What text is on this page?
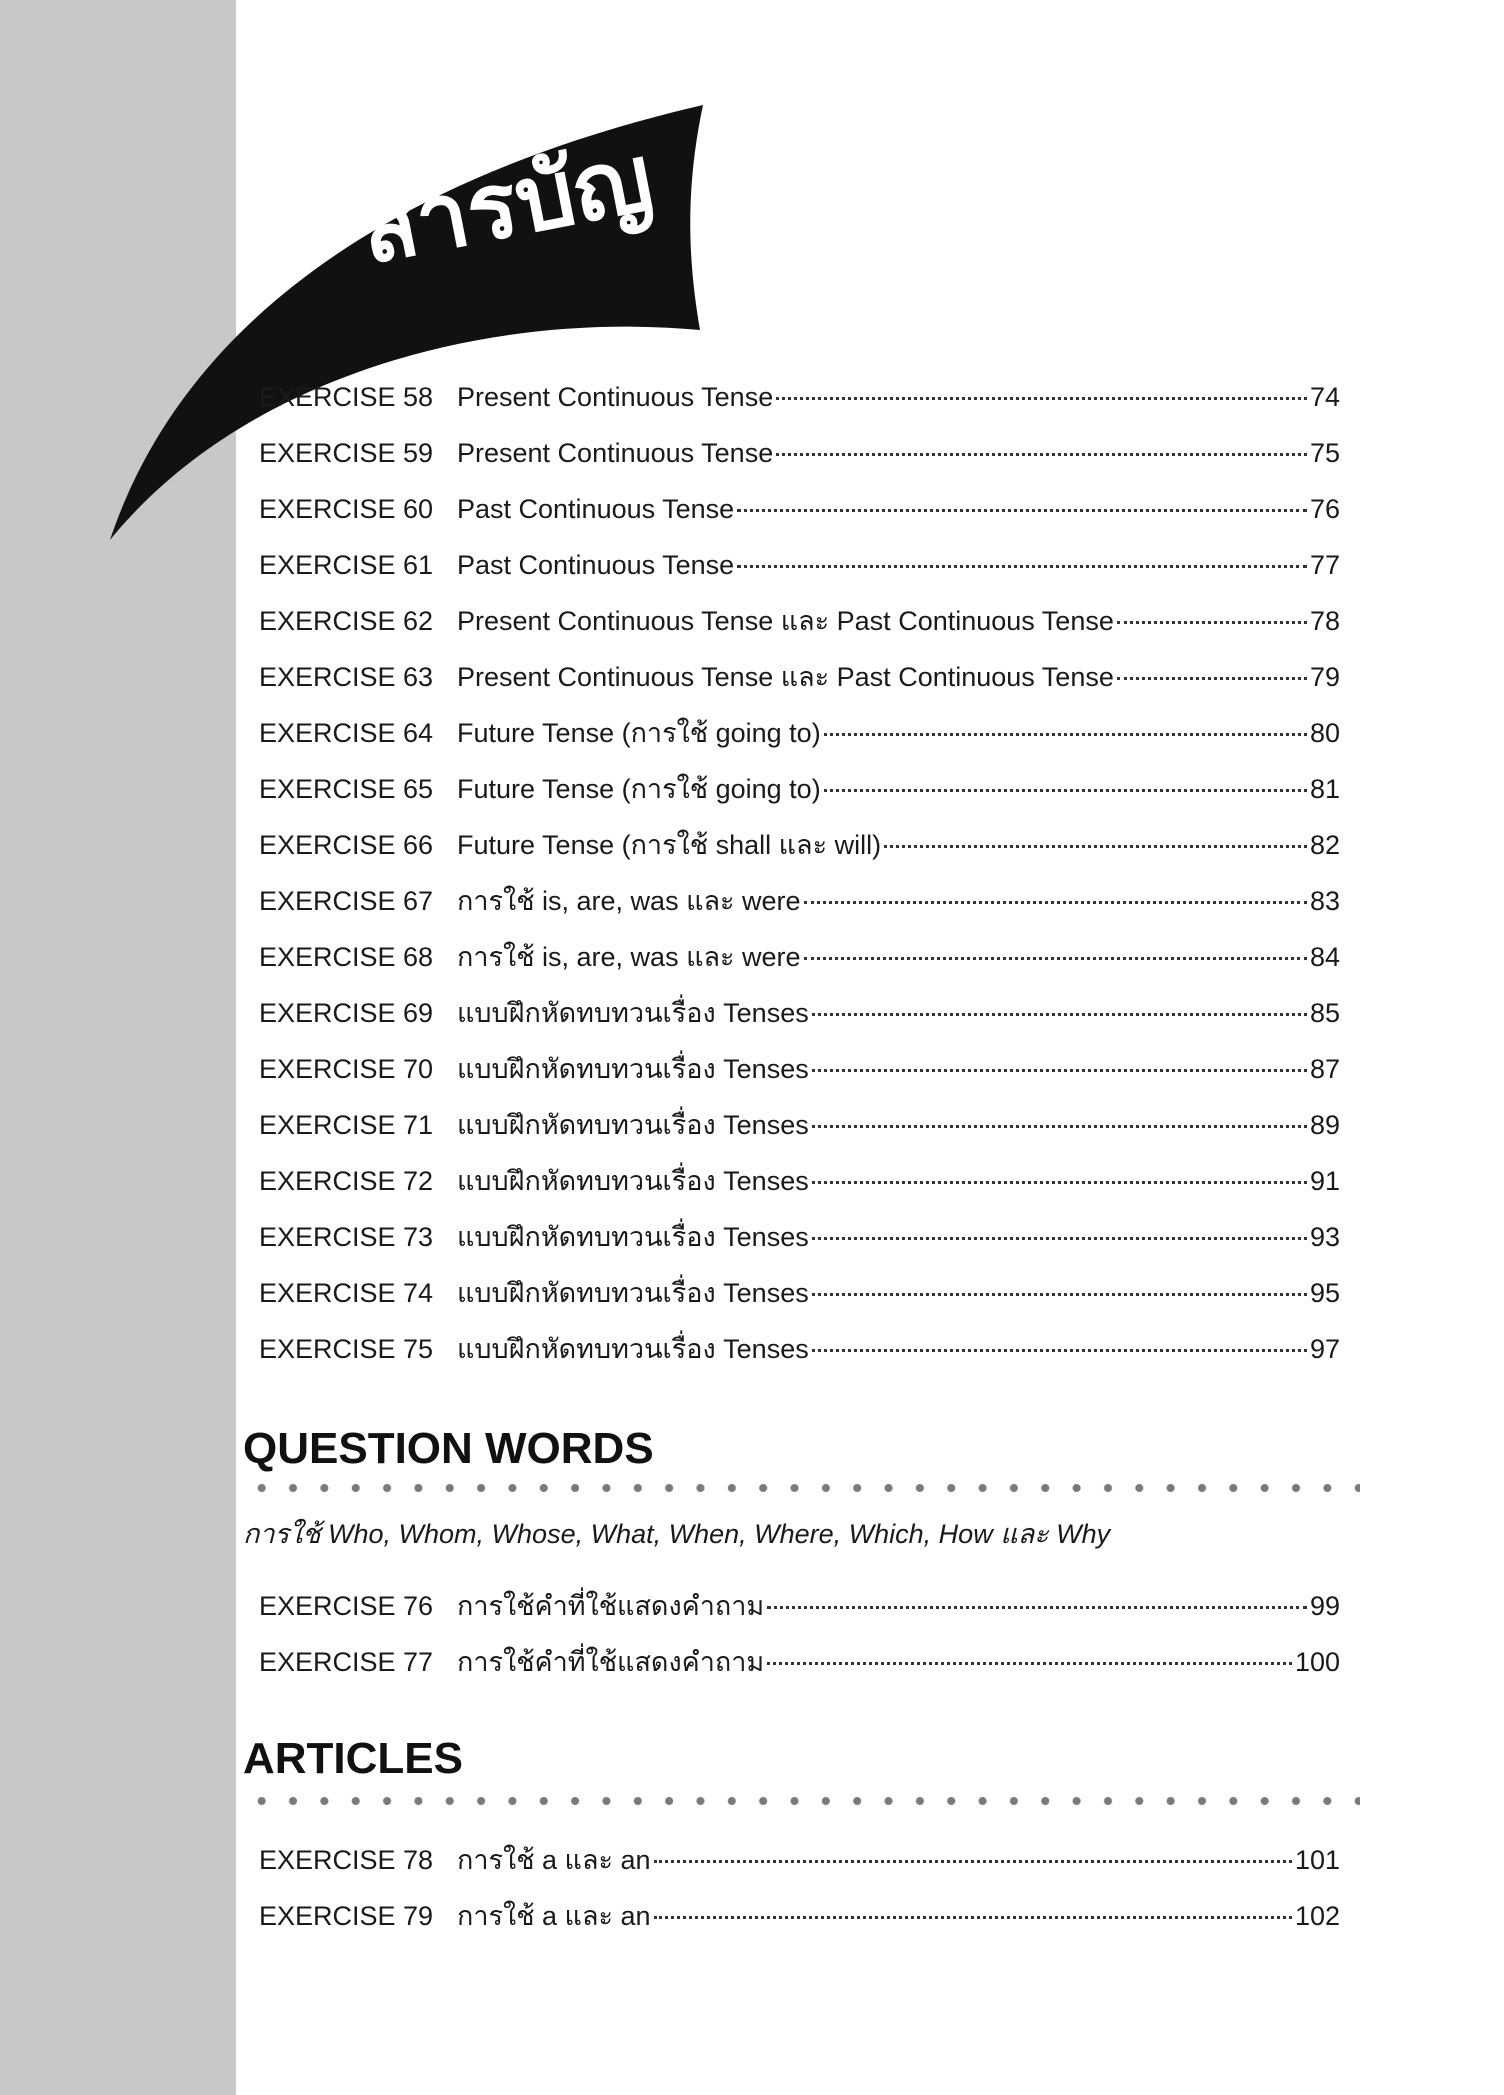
สารบัญ
EXERCISE 58 Present Continuous Tense	74
EXERCISE 59 Present Continuous Tense	75
EXERCISE 60 Past Continuous Tense	76
EXERCISE 61 Past Continuous Tense	77
EXERCISE 62 Present Continuous Tense และ Past Continuous Tense	78
EXERCISE 63 Present Continuous Tense และ Past Continuous Tense	79
EXERCISE 64 Future Tense (การใช้ going to)	80
EXERCISE 65 Future Tense (การใช้ going to)	81
EXERCISE 66 Future Tense (การใช้ shall และ will)	82
EXERCISE 67 การใช้ is, are, was และ were	83
EXERCISE 68 การใช้ is, are, was และ were	84
EXERCISE 69 แบบฝึกหัดทบทวนเรื่อง Tenses	85
EXERCISE 70 แบบฝึกหัดทบทวนเรื่อง Tenses	87
EXERCISE 71 แบบฝึกหัดทบทวนเรื่อง Tenses	89
EXERCISE 72 แบบฝึกหัดทบทวนเรื่อง Tenses	91
EXERCISE 73 แบบฝึกหัดทบทวนเรื่อง Tenses	93
EXERCISE 74 แบบฝึกหัดทบทวนเรื่อง Tenses	95
EXERCISE 75 แบบฝึกหัดทบทวนเรื่อง Tenses	97
QUESTION WORDS

การใช้ Who, Whom, Whose, What, When, Where, Which, How และ Why

EXERCISE 76 การใช้คำที่ใช้แสดงคำถาม	99
EXERCISE 77 การใช้คำที่ใช้แสดงคำถาม	100
ARTICLES
EXERCISE 78 การใช้ a และ an	101
EXERCISE 79 การใช้ a และ an	102
